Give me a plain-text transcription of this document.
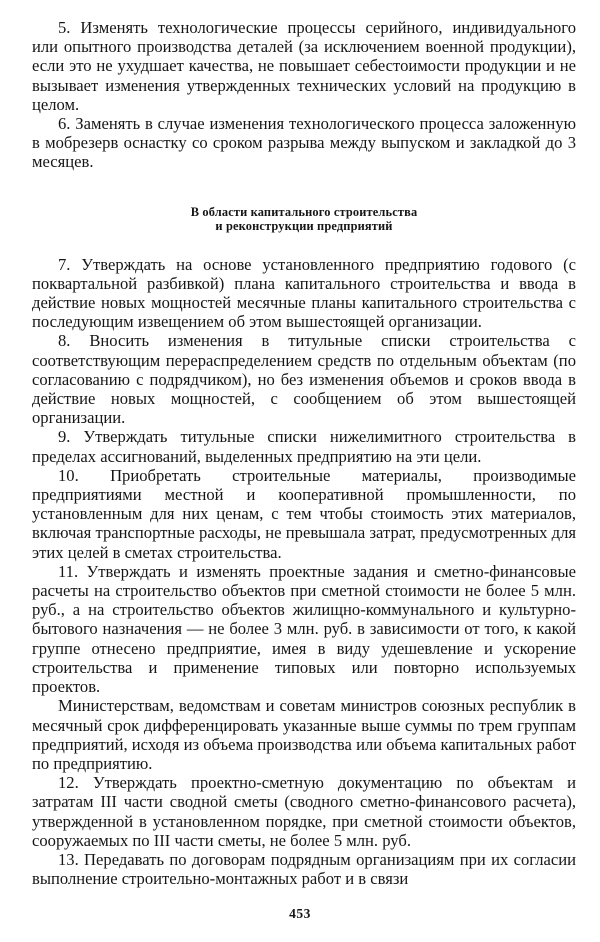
5. Изменять технологические процессы серийного, индивидуального или опытного производства деталей (за исключением военной продукции), если это не ухудшает качества, не повышает себестоимости продукции и не вызывает изменения утвержденных технических условий на продукцию в целом.

6. Заменять в случае изменения технологического процесса заложенную в мобрезерв оснастку со сроком разрыва между выпуском и закладкой до 3 месяцев.

В области капитального строительства
и реконструкции предприятий

7. Утверждать на основе установленного предприятию годового (с поквартальной разбивкой) плана капитального строительства и ввода в действие новых мощностей месячные планы капитального строительства с последующим извещением об этом вышестоящей организации.

8. Вносить изменения в титульные списки строительства с соответствующим перераспределением средств по отдельным объектам (по согласованию с подрядчиком), но без изменения объемов и сроков ввода в действие новых мощностей, с сообщением об этом вышестоящей организации.

9. Утверждать титульные списки нижелимитного строительства в пределах ассигнований, выделенных предприятию на эти цели.

10. Приобретать строительные материалы, производимые предприятиями местной и кооперативной промышленности, по установленным для них ценам, с тем чтобы стоимость этих материалов, включая транспортные расходы, не превышала затрат, предусмотренных для этих целей в сметах строительства.

11. Утверждать и изменять проектные задания и сметно-финансовые расчеты на строительство объектов при сметной стоимости не более 5 млн. руб., а на строительство объектов жилищно-коммунального и культурно-бытового назначения — не более 3 млн. руб. в зависимости от того, к какой группе отнесено предприятие, имея в виду удешевление и ускорение строительства и применение типовых или повторно используемых проектов.

Министерствам, ведомствам и советам министров союзных республик в месячный срок дифференцировать указанные выше суммы по трем группам предприятий, исходя из объема производства или объема капитальных работ по предприятию.

12. Утверждать проектно-сметную документацию по объектам и затратам III части сводной сметы (сводного сметно-финансового расчета), утвержденной в установленном порядке, при сметной стоимости объектов, сооружаемых по III части сметы, не более 5 млн. руб.

13. Передавать по договорам подрядным организациям при их согласии выполнение строительно-монтажных работ и в связи

453
